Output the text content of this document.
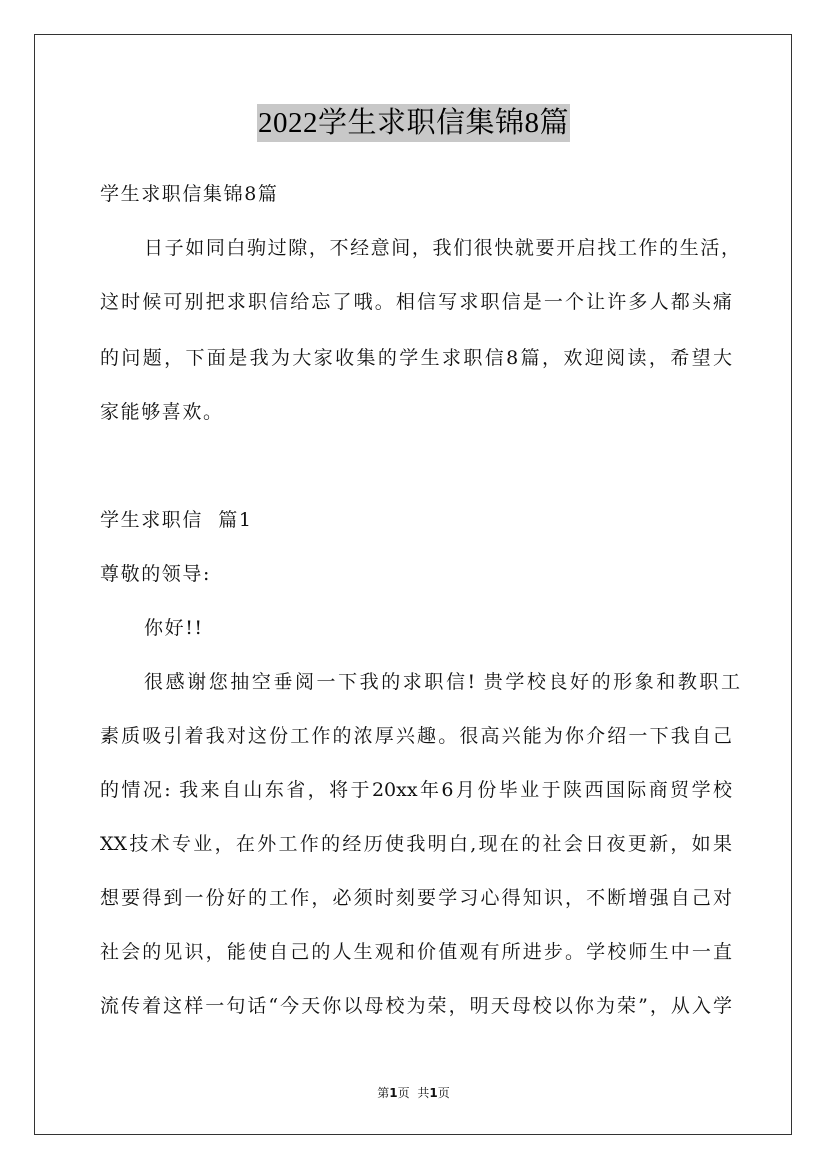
2022学生求职信集锦8篇
学生求职信集锦8篇
日子如同白驹过隙，不经意间，我们很快就要开启找工作的生活，
这时候可别把求职信给忘了哦。相信写求职信是一个让许多人都头痛
的问题，下面是我为大家收集的学生求职信8篇，欢迎阅读，希望大
家能够喜欢。
学生求职信  篇1
尊敬的领导:
你好!!
很感谢您抽空垂阅一下我的求职信! 贵学校良好的形象和教职工
素质吸引着我对这份工作的浓厚兴趣。很高兴能为你介绍一下我自己
的情况: 我来自山东省，将于20xx年6月份毕业于陕西国际商贸学校
XX技术专业，在外工作的经历使我明白,现在的社会日夜更新，如果
想要得到一份好的工作，必须时刻要学习心得知识，不断增强自己对
社会的见识，能使自己的人生观和价值观有所进步。学校师生中一直
流传着这样一句话“今天你以母校为荣，明天母校以你为荣”，从入学
第1页 共1页
